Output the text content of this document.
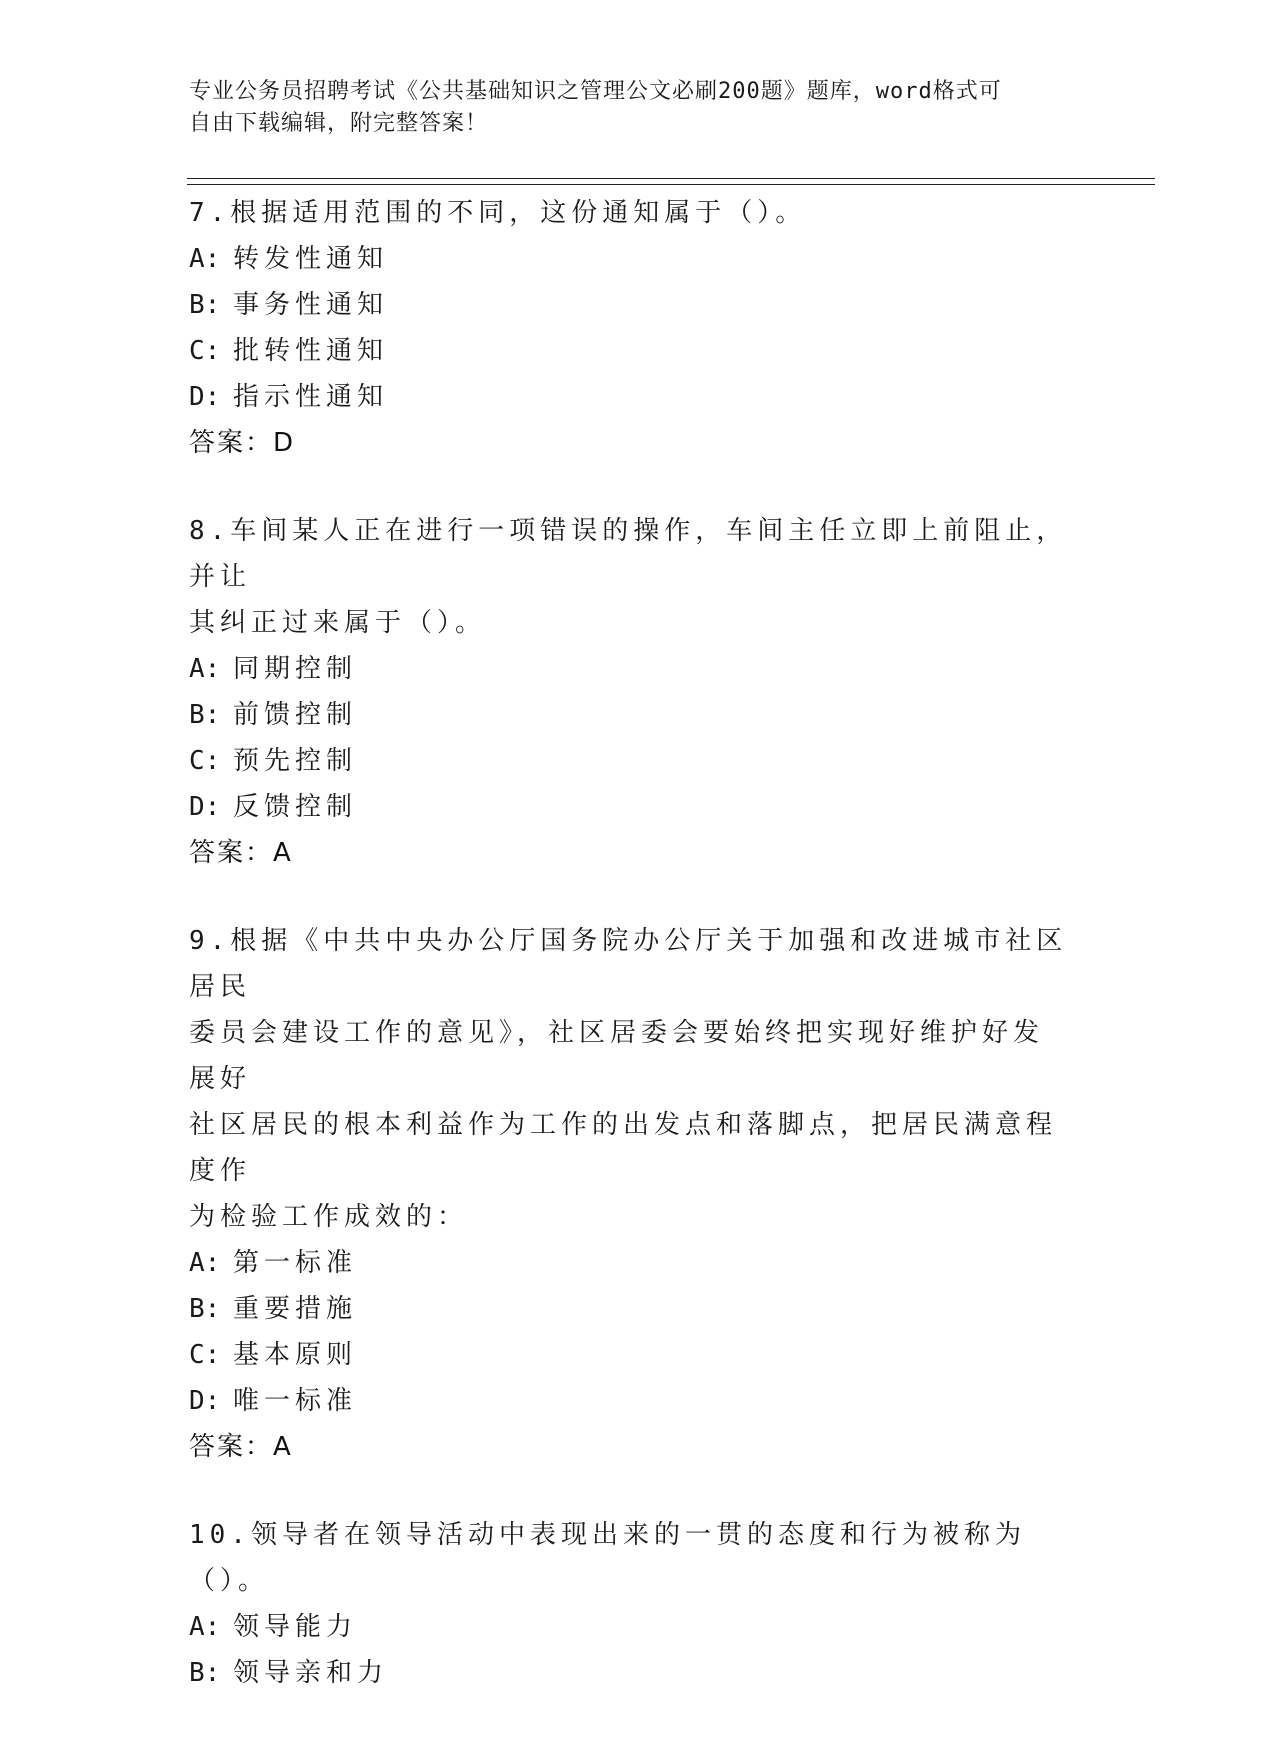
专业公务员招聘考试《公共基础知识之管理公文必刷200题》题库，word格式可
自由下载编辑，附完整答案！
7.根据适用范围的不同，这份通知属于（）。
A: 转发性通知
B: 事务性通知
C: 批转性通知
D: 指示性通知
答案：D
8.车间某人正在进行一项错误的操作，车间主任立即上前阻止，并让
其纠正过来属于（）。
A: 同期控制
B: 前馈控制
C: 预先控制
D: 反馈控制
答案：A
9.根据《中共中央办公厅国务院办公厅关于加强和改进城市社区居民
委员会建设工作的意见》，社区居委会要始终把实现好维护好发展好
社区居民的根本利益作为工作的出发点和落脚点，把居民满意程度作
为检验工作成效的：
A: 第一标准
B: 重要措施
C: 基本原则
D: 唯一标准
答案：A
10.领导者在领导活动中表现出来的一贯的态度和行为被称为（）。
A: 领导能力
B: 领导亲和力
